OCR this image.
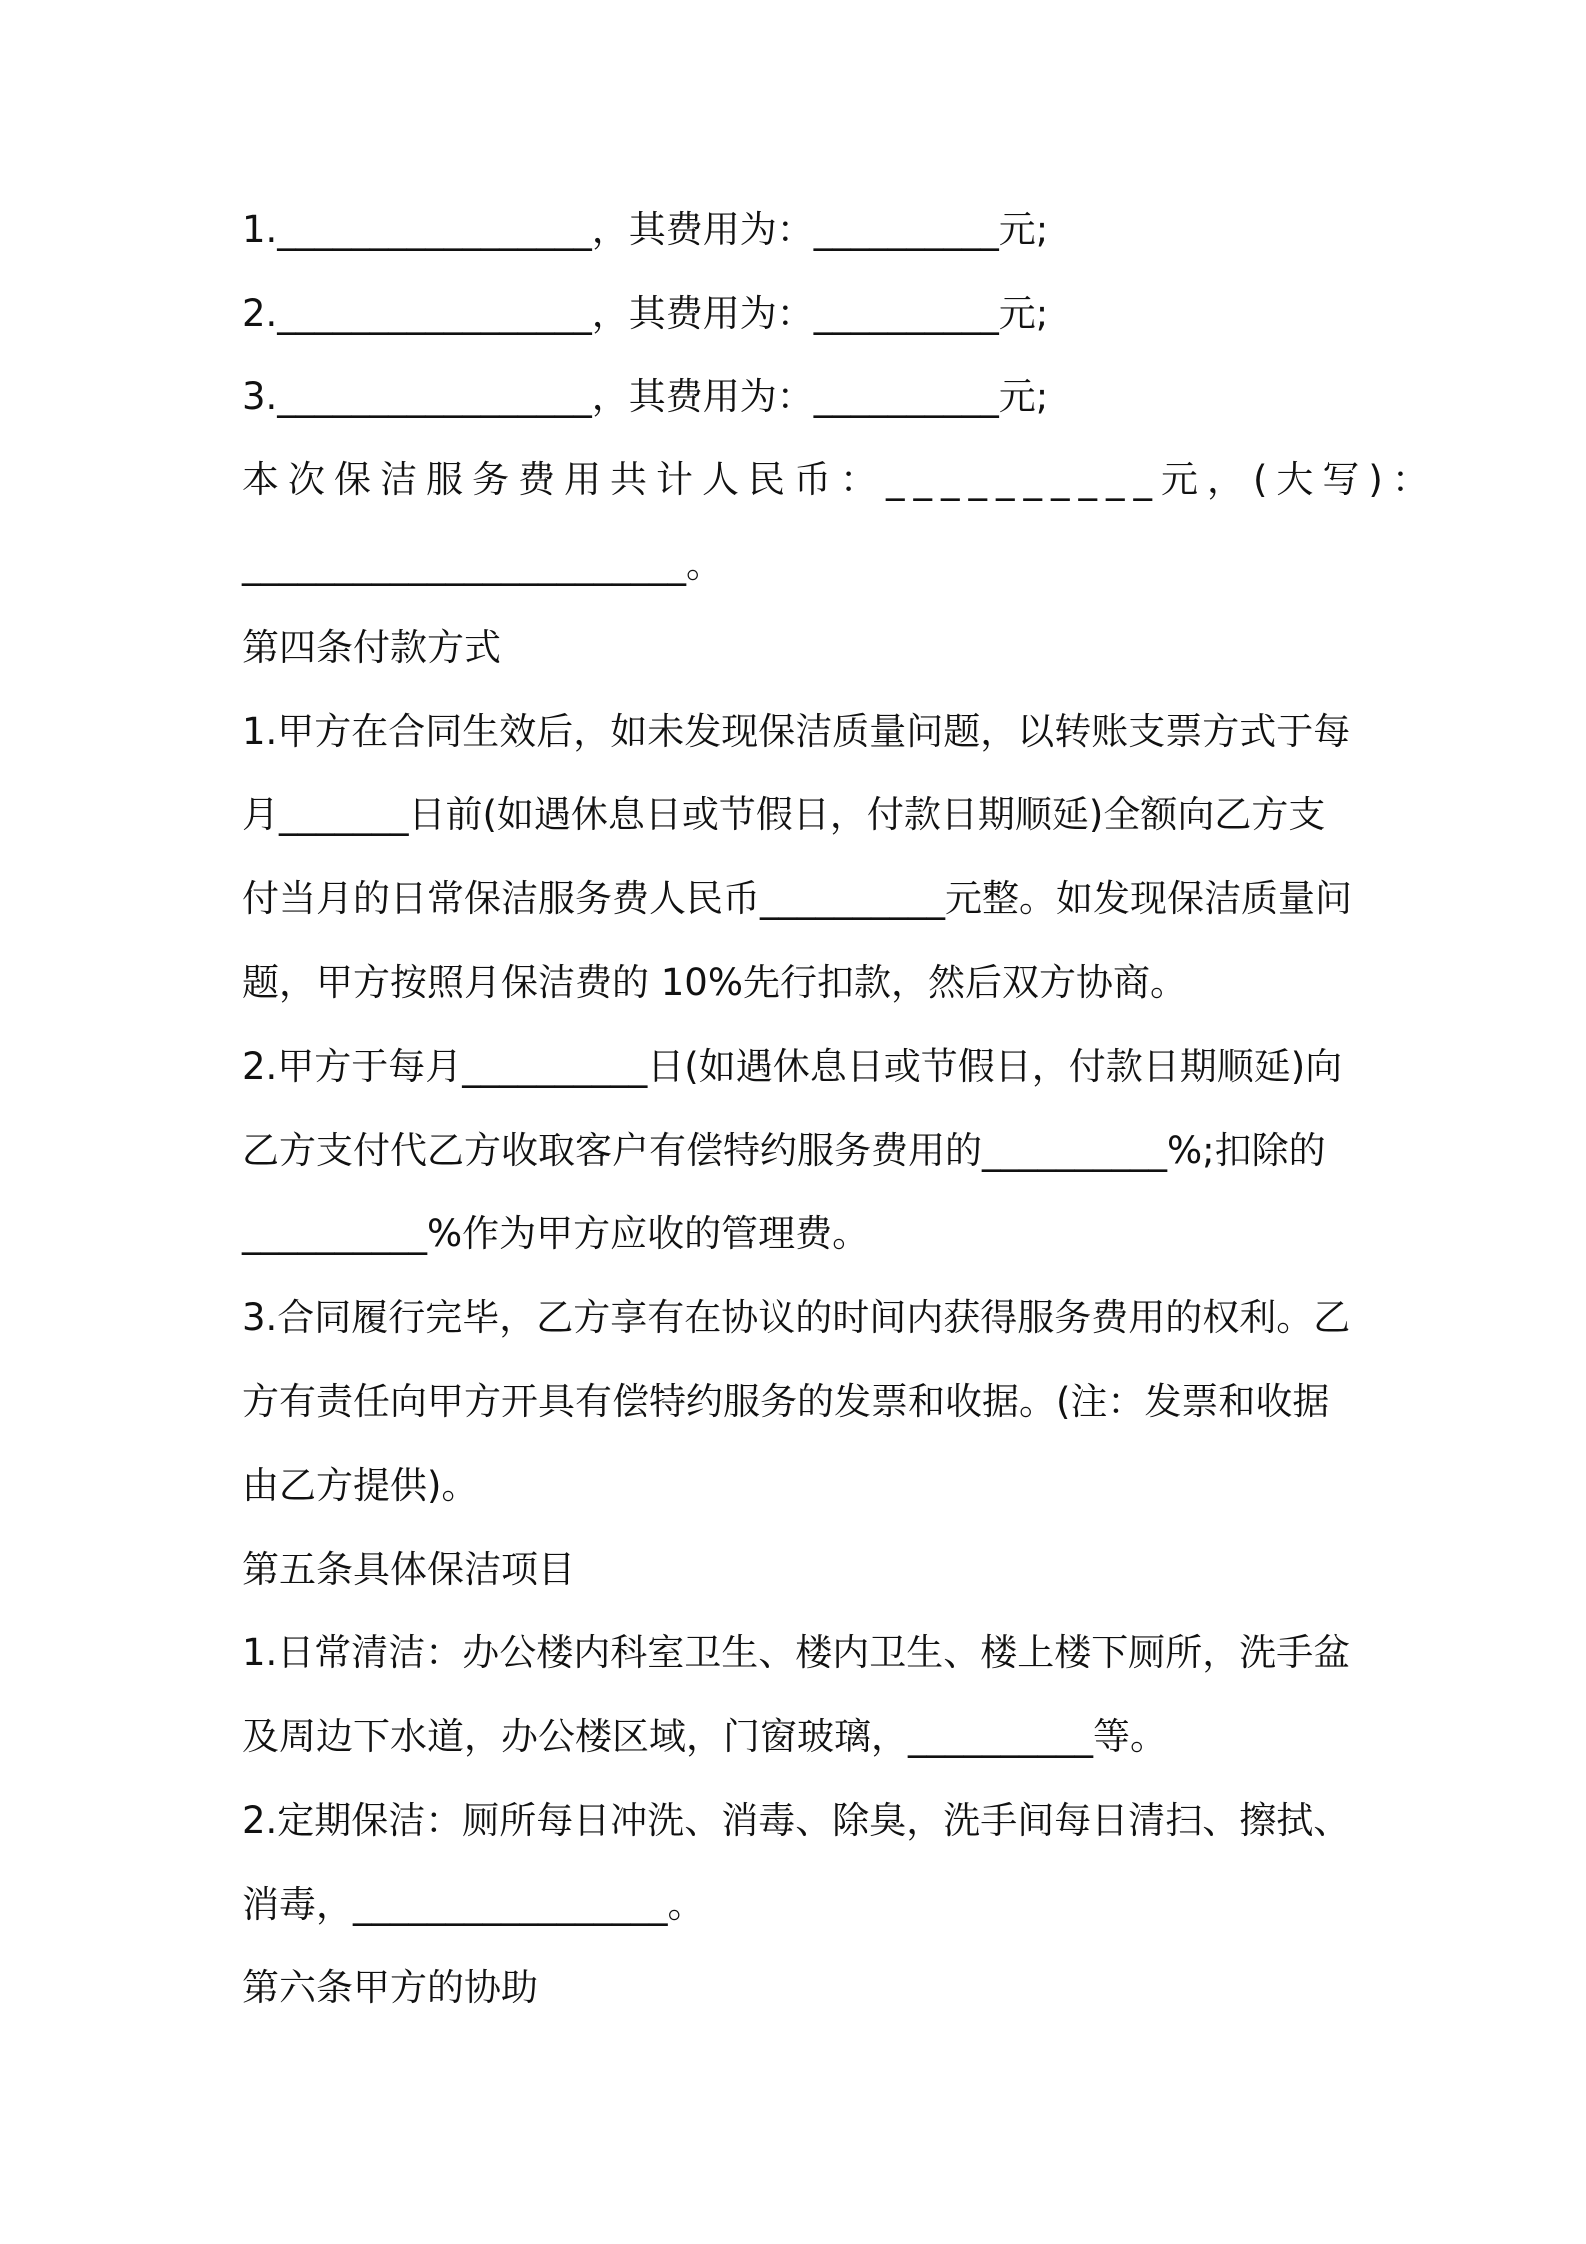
1._________________，其费用为：__________元;
2._________________，其费用为：__________元;
3._________________，其费用为：__________元;
本次保洁服务费用共计人民币：__________元，(大写)：
________________________。
第四条付款方式
1.甲方在合同生效后，如未发现保洁质量问题，以转账支票方式于每
月_______日前(如遇休息日或节假日，付款日期顺延)全额向乙方支
付当月的日常保洁服务费人民币__________元整。如发现保洁质量问
题，甲方按照月保洁费的 10%先行扣款，然后双方协商。
2.甲方于每月__________日(如遇休息日或节假日，付款日期顺延)向
乙方支付代乙方收取客户有偿特约服务费用的__________%;扣除的
__________%作为甲方应收的管理费。
3.合同履行完毕，乙方享有在协议的时间内获得服务费用的权利。乙
方有责任向甲方开具有偿特约服务的发票和收据。(注：发票和收据
由乙方提供)。
第五条具体保洁项目
1.日常清洁：办公楼内科室卫生、楼内卫生、楼上楼下厕所，洗手盆
及周边下水道，办公楼区域，门窗玻璃，__________等。
2.定期保洁：厕所每日冲洗、消毒、除臭，洗手间每日清扫、擦拭、
消毒，_________________。
第六条甲方的协助
